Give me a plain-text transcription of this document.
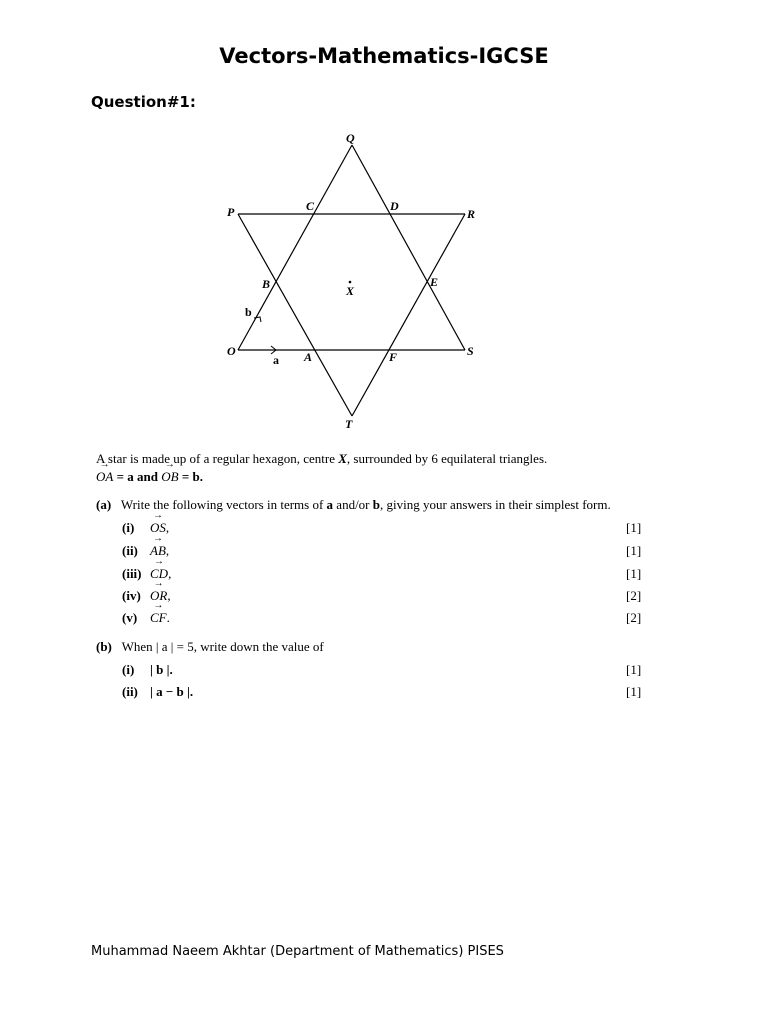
Vectors-Mathematics-IGCSE
Question#1:
Q
P	C	D
R
B	X
E
O	A	F	S
T
a
b
A star is made up of a regular hexagon, centre X, surrounded by 6 equilateral triangles.
→ OA = a and → OB = b.
(a) Write the following vectors in terms of a and/or b, giving your answers in their simplest form.
(i) → OS,	[1]
(ii) → AB,	[1]
(iii) → CD,	[1]
(iv) → OR,	[2]
(v) → CF.	[2]
(b) When | a | = 5, write down the value of
(i) | b |.	[1]
(ii) | a − b |.	[1]
Muhammad Naeem Akhtar (Department of Mathematics) PISES
